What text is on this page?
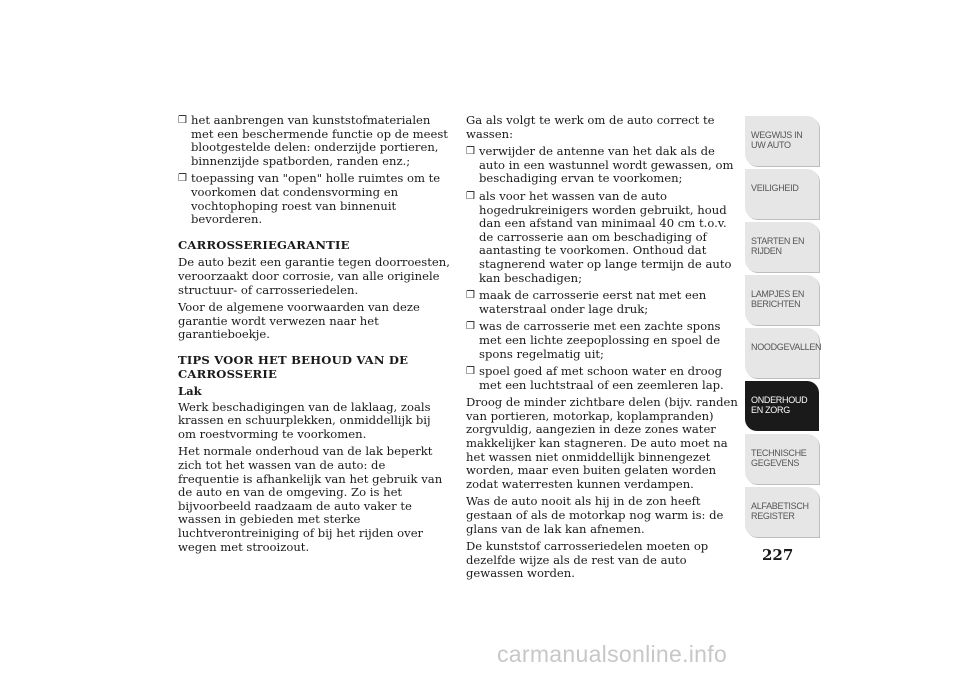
❒ het aanbrengen van kunststofmaterialen met een beschermende functie op de meest blootgestelde delen: onderzijde portieren, binnenzijde spatborden, randen enz.;
❒ toepassing van "open" holle ruimtes om te voorkomen dat condensvorming en vochtophoping roest van binnenuit bevorderen.
CARROSSERIEGARANTIE

De auto bezit een garantie tegen doorroesten, veroorzaakt door corrosie, van alle originele structuur- of carrosseriedelen.

Voor de algemene voorwaarden van deze garantie wordt verwezen naar het garantieboekje.

TIPS VOOR HET BEHOUD VAN DE CARROSSERIE
Lak

Werk beschadigingen van de laklaag, zoals krassen en schuurplekken, onmiddellijk bij om roestvorming te voorkomen.

Het normale onderhoud van de lak beperkt zich tot het wassen van de auto: de frequentie is afhankelijk van het gebruik van de auto en van de omgeving. Zo is het bijvoorbeeld raadzaam de auto vaker te wassen in gebieden met sterke luchtverontreiniging of bij het rijden over wegen met strooizout.

Ga als volgt te werk om de auto correct te wassen:

❒ verwijder de antenne van het dak als de auto in een wastunnel wordt gewassen, om beschadiging ervan te voorkomen;
❒ als voor het wassen van de auto hogedrukreinigers worden gebruikt, houd dan een afstand van minimaal 40 cm t.o.v. de carrosserie aan om beschadiging of aantasting te voorkomen. Onthoud dat stagnerend water op lange termijn de auto kan beschadigen;
❒ maak de carrosserie eerst nat met een waterstraal onder lage druk;
❒ was de carrosserie met een zachte spons met een lichte zeepoplossing en spoel de spons regelmatig uit;
❒ spoel goed af met schoon water en droog met een luchtstraal of een zeemleren lap.

Droog de minder zichtbare delen (bijv. randen van portieren, motorkap, koplampranden) zorgvuldig, aangezien in deze zones water makkelijker kan stagneren. De auto moet na het wassen niet onmiddellijk binnengezet worden, maar even buiten gelaten worden zodat waterresten kunnen verdampen.

Was de auto nooit als hij in de zon heeft gestaan of als de motorkap nog warm is: de glans van de lak kan afnemen.

De kunststof carrosseriedelen moeten op dezelfde wijze als de rest van de auto gewassen worden.

WEGWIJS IN UW AUTO
VEILIGHEID
STARTEN EN RIJDEN
LAMPJES EN BERICHTEN
NOODGEVALLEN
ONDERHOUD EN ZORG
TECHNISCHE GEGEVENS
ALFABETISCH REGISTER
227
carmanualsonline.info
